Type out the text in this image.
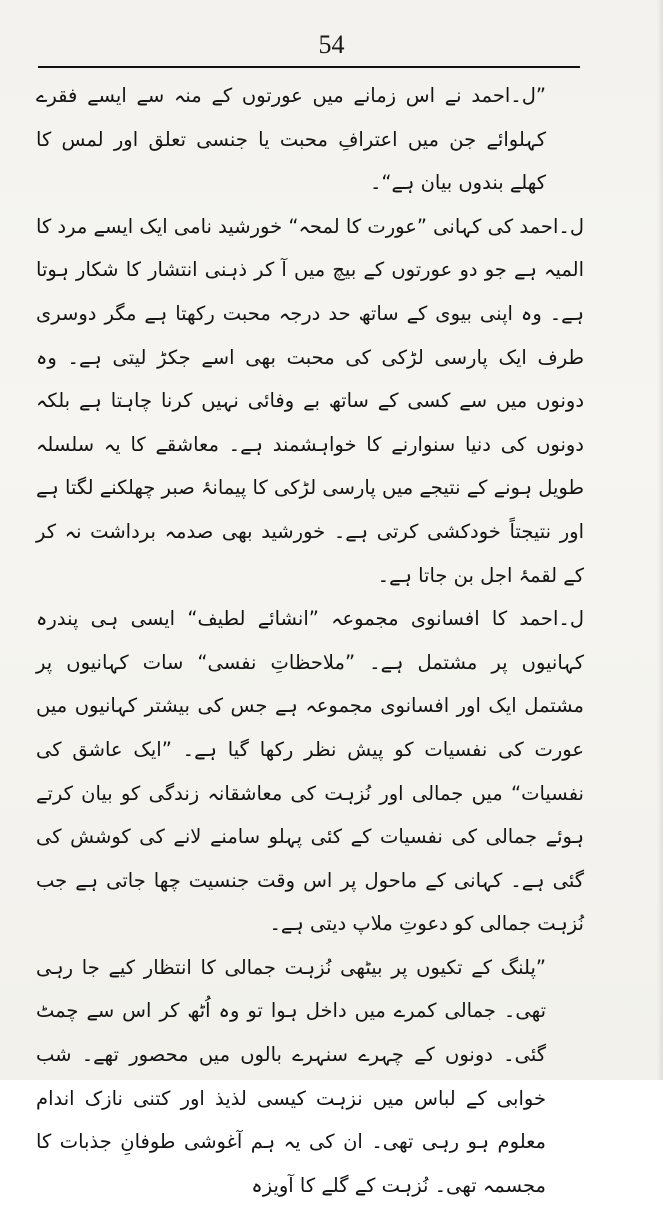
54

”ل۔احمد نے اس زمانے میں عورتوں کے منہ سے ایسے فقرے کہلوائے جن میں اعترافِ محبت یا جنسی تعلق اور لمس کا کھلے بندوں بیان ہے“۔

ل۔احمد کی کہانی ”عورت کا لمحہ“ خورشید نامی ایک ایسے مرد کا المیہ ہے جو دو عورتوں کے بیچ میں آ کر ذہنی انتشار کا شکار ہوتا ہے۔ وہ اپنی بیوی کے ساتھ حد درجہ محبت رکھتا ہے مگر دوسری طرف ایک پارسی لڑکی کی محبت بھی اسے جکڑ لیتی ہے۔ وہ دونوں میں سے کسی کے ساتھ بے وفائی نہیں کرنا چاہتا ہے بلکہ دونوں کی دنیا سنوارنے کا خواہشمند ہے۔ معاشقے کا یہ سلسلہ طویل ہونے کے نتیجے میں پارسی لڑکی کا پیمانۂ صبر چھلکنے لگتا ہے اور نتیجتاً خودکشی کرتی ہے۔ خورشید بھی صدمہ برداشت نہ کر کے لقمۂ اجل بن جاتا ہے۔

ل۔احمد کا افسانوی مجموعہ ”انشائے لطیف“ ایسی ہی پندرہ کہانیوں پر مشتمل ہے۔ ”ملاحظاتِ نفسی“ سات کہانیوں پر مشتمل ایک اور افسانوی مجموعہ ہے جس کی بیشتر کہانیوں میں عورت کی نفسیات کو پیش نظر رکھا گیا ہے۔ ”ایک عاشق کی نفسیات“ میں جمالی اور نُزہت کی معاشقانہ زندگی کو بیان کرتے ہوئے جمالی کی نفسیات کے کئی پہلو سامنے لانے کی کوشش کی گئی ہے۔ کہانی کے ماحول پر اس وقت جنسیت چھا جاتی ہے جب نُزہت جمالی کو دعوتِ ملاپ دیتی ہے۔

”پلنگ کے تکیوں پر بیٹھی نُزہت جمالی کا انتظار کیے جا رہی تھی۔ جمالی کمرے میں داخل ہوا تو وہ اُٹھ کر اس سے چمٹ گئی۔ دونوں کے چہرے سنہرے بالوں میں محصور تھے۔ شب خوابی کے لباس میں نزہت کیسی لذیذ اور کتنی نازک اندام معلوم ہو رہی تھی۔ ان کی یہ ہم آغوشی طوفانِ جذبات کا مجسمہ تھی۔ نُزہت کے گلے کا آویزہ
